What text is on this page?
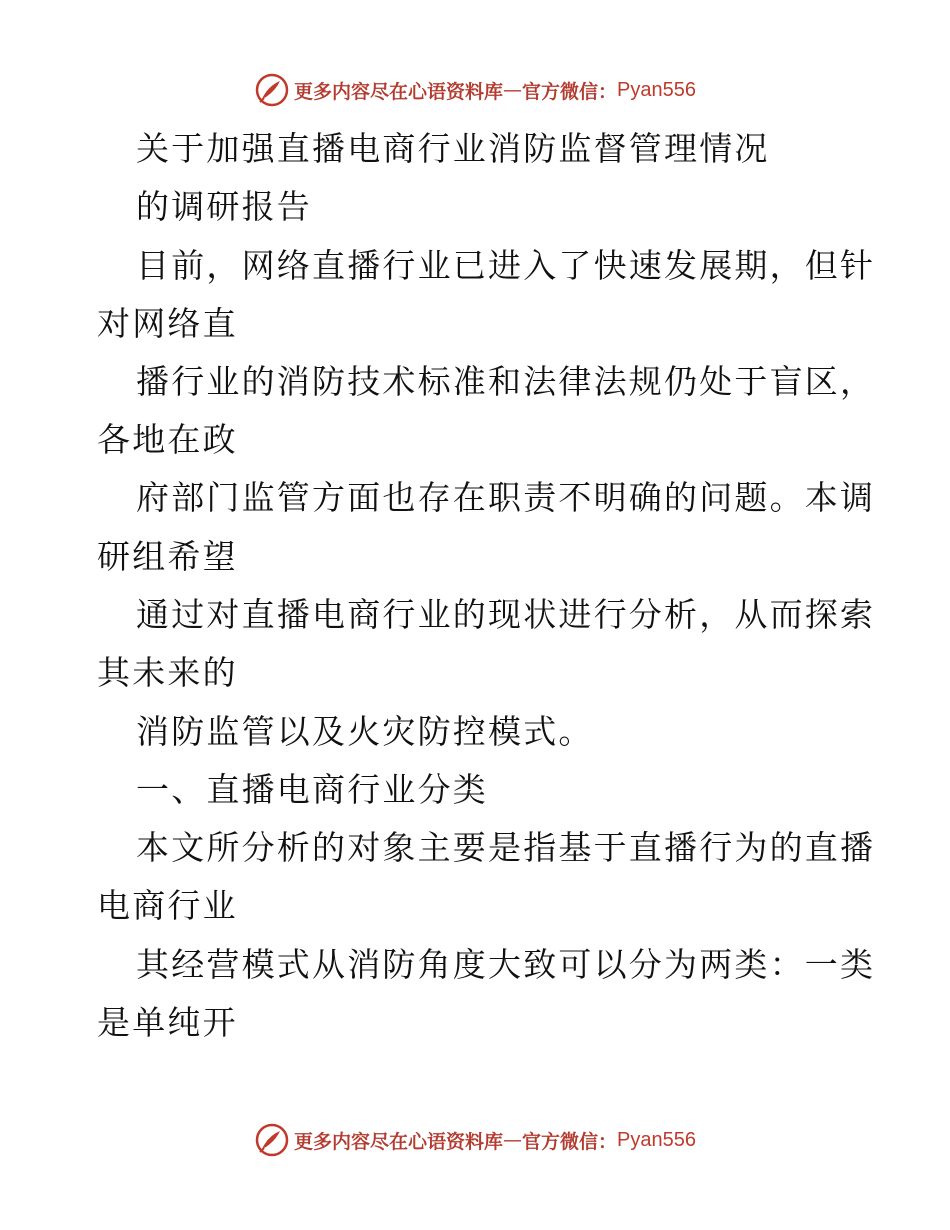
更多内容尽在心语资料库 — 官方微信： Pyan556
关于加强直播电商行业消防监督管理情况
的调研报告
目前，网络直播行业已进入了快速发展期，但针
对网络直
播行业的消防技术标准和法律法规仍处于盲区，
各地在政
府部门监管方面也存在职责不明确的问题。本调
研组希望
通过对直播电商行业的现状进行分析，从而探索
其未来的
消防监管以及火灾防控模式。
一、直播电商行业分类
本文所分析的对象主要是指基于直播行为的直播
电商行业
其经营模式从消防角度大致可以分为两类：一类
是单纯开
更多内容尽在心语资料库 — 官方微信： Pyan556
